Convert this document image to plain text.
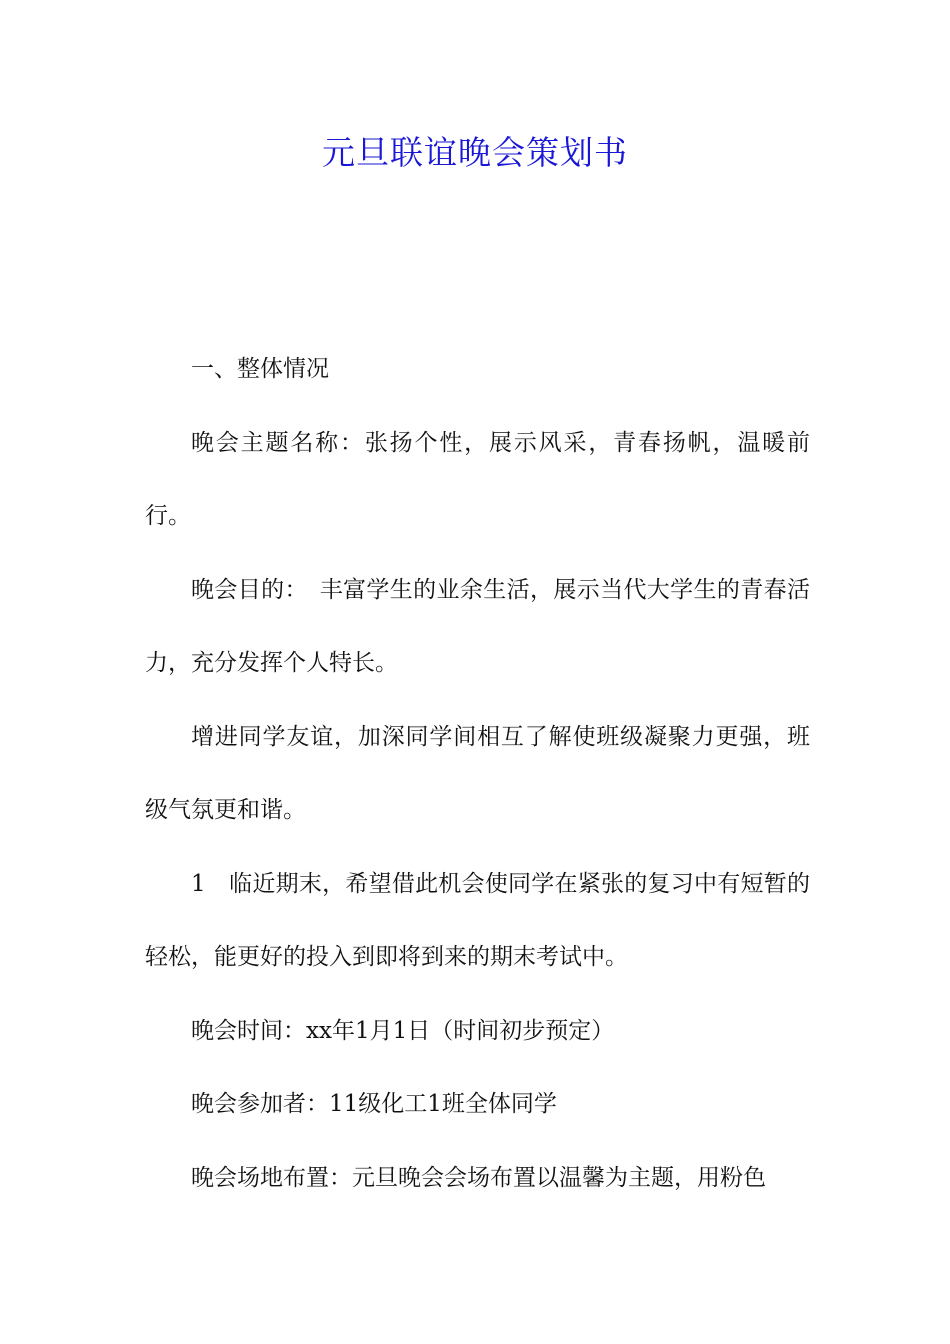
元旦联谊晚会策划书

一、整体情况

晚会主题名称：张扬个性，展示风采，青春扬帆，温暖前行。

晚会目的：　丰富学生的业余生活，展示当代大学生的青春活力，充分发挥个人特长。

增进同学友谊，加深同学间相互了解使班级凝聚力更强，班级气氛更和谐。

1　临近期末，希望借此机会使同学在紧张的复习中有短暂的轻松，能更好的投入到即将到来的期末考试中。

晚会时间：xx年1月1日（时间初步预定）

晚会参加者：11级化工1班全体同学

晚会场地布置：元旦晚会会场布置以温馨为主题，用粉色
